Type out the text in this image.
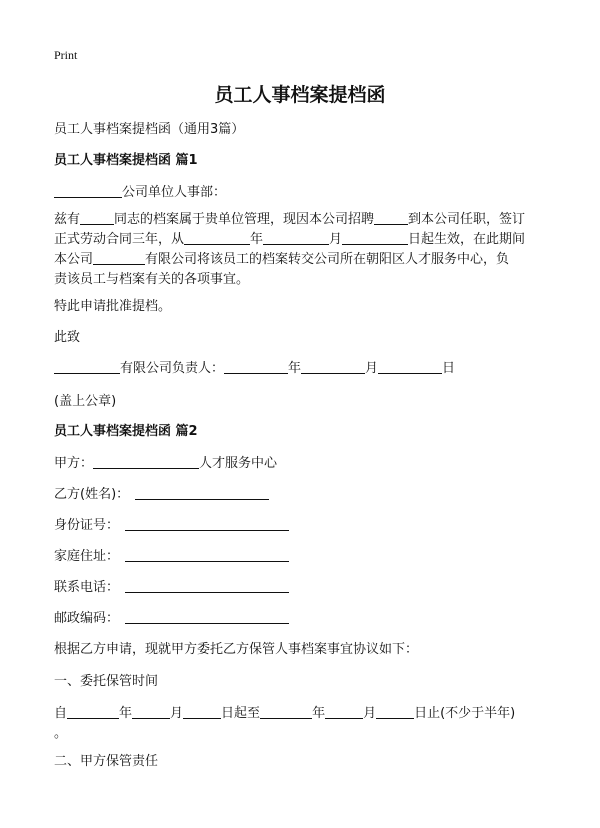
Print
员工人事档案提档函
员工人事档案提档函（通用3篇）
员工人事档案提档函 篇1
公司单位人事部：
兹有	同志的档案属于贵单位管理，现因本公司招聘	到本公司任职，签订
正式劳动合同三年，从	年	月	日起生效，在此期间
本公司	有限公司将该员工的档案转交公司所在朝阳区人才服务中心，负
责该员工与档案有关的各项事宜。
特此申请批准提档。
此致
有限公司负责人：	年	月	日
(盖上公章)
员工人事档案提档函 篇2
甲方：	人才服务中心
乙方(姓名)：
身份证号：
家庭住址：
联系电话：
邮政编码：
根据乙方申请，现就甲方委托乙方保管人事档案事宜协议如下：
一、委托保管时间
自	年	月	日起至	年	月	日止(不少于半年)
。
二、甲方保管责任
